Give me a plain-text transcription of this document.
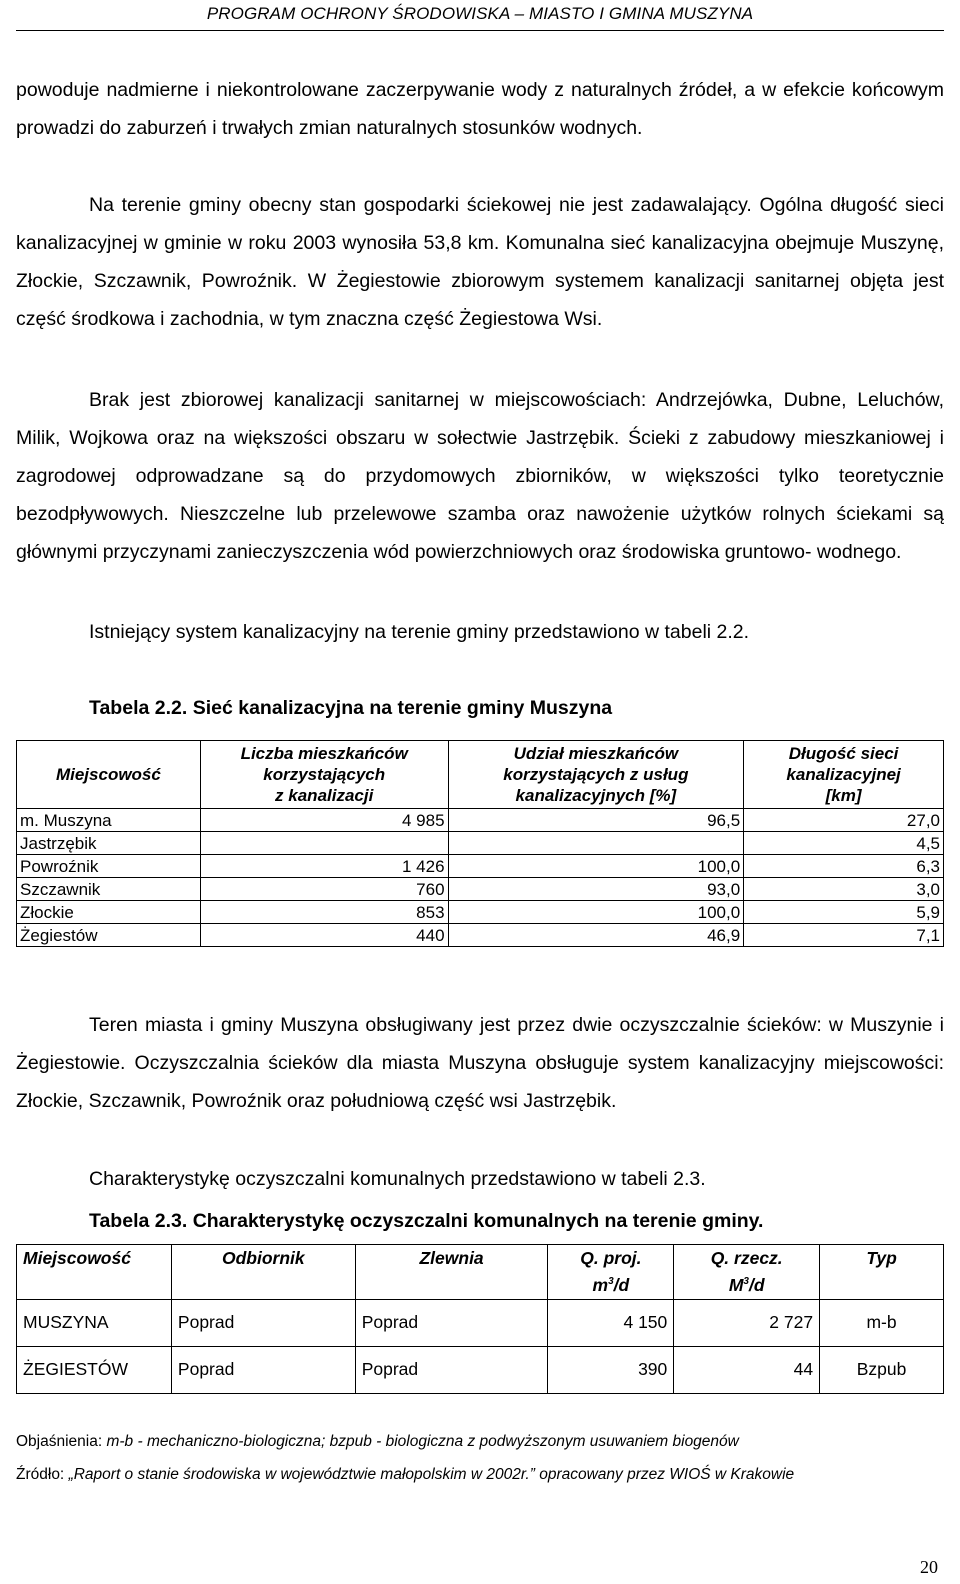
PROGRAM OCHRONY ŚRODOWISKA – MIASTO I GMINA MUSZYNA

powoduje nadmierne i niekontrolowane zaczerpywanie wody z naturalnych źródeł, a w efekcie końcowym prowadzi do zaburzeń i trwałych zmian naturalnych stosunków wodnych.

Na terenie gminy obecny stan gospodarki ściekowej nie jest zadawalający. Ogólna długość sieci kanalizacyjnej w gminie w roku 2003 wynosiła 53,8 km. Komunalna sieć kanalizacyjna obejmuje Muszynę, Złockie, Szczawnik, Powroźnik. W Żegiestowie zbiorowym systemem kanalizacji sanitarnej objęta jest część środkowa i zachodnia, w tym znaczna część Żegiestowa Wsi.

Brak jest zbiorowej kanalizacji sanitarnej w miejscowościach: Andrzejówka, Dubne, Leluchów, Milik, Wojkowa oraz na większości obszaru w sołectwie Jastrzębik. Ścieki z zabudowy mieszkaniowej i zagrodowej odprowadzane są do przydomowych zbiorników, w większości tylko teoretycznie bezodpływowych. Nieszczelne lub przelewowe szamba oraz nawożenie użytków rolnych ściekami są głównymi przyczynami zanieczyszczenia wód powierzchniowych oraz środowiska gruntowo- wodnego.

Istniejący system kanalizacyjny na terenie gminy przedstawiono w tabeli 2.2.

Tabela 2.2. Sieć kanalizacyjna na terenie gminy Muszyna
Miejscowość	Liczba mieszkańców
korzystających
z kanalizacji	Udział mieszkańców
korzystających z usług
kanalizacyjnych [%]	Długość sieci
kanalizacyjnej
[km]
m. Muszyna	4 985	96,5	27,0
Jastrzębik			4,5
Powroźnik	1 426	100,0	6,3
Szczawnik	760	93,0	3,0
Złockie	853	100,0	5,9
Żegiestów	440	46,9	7,1

Teren miasta i gminy Muszyna obsługiwany jest przez dwie oczyszczalnie ścieków: w Muszynie i Żegiestowie. Oczyszczalnia ścieków dla miasta Muszyna obsługuje system kanalizacyjny miejscowości: Złockie, Szczawnik, Powroźnik oraz południową część wsi Jastrzębik.

Charakterystykę oczyszczalni komunalnych przedstawiono w tabeli 2.3.

Tabela 2.3. Charakterystykę oczyszczalni komunalnych na terenie gminy.
Miejscowość	Odbiornik	Zlewnia	Q. proj.
$m^3/d$	Q. rzecz.
$M^3/d$	Typ
MUSZYNA	Poprad	Poprad	4 150	2 727	m-b
ŻEGIESTÓW	Poprad	Poprad	390	44	Bzpub
Objaśnienia: m-b - mechaniczno-biologiczna; bzpub - biologiczna z podwyższonym usuwaniem biogenów
Źródło: „Raport o stanie środowiska w województwie małopolskim w 2002r.” opracowany przez WIOŚ w Krakowie
20
